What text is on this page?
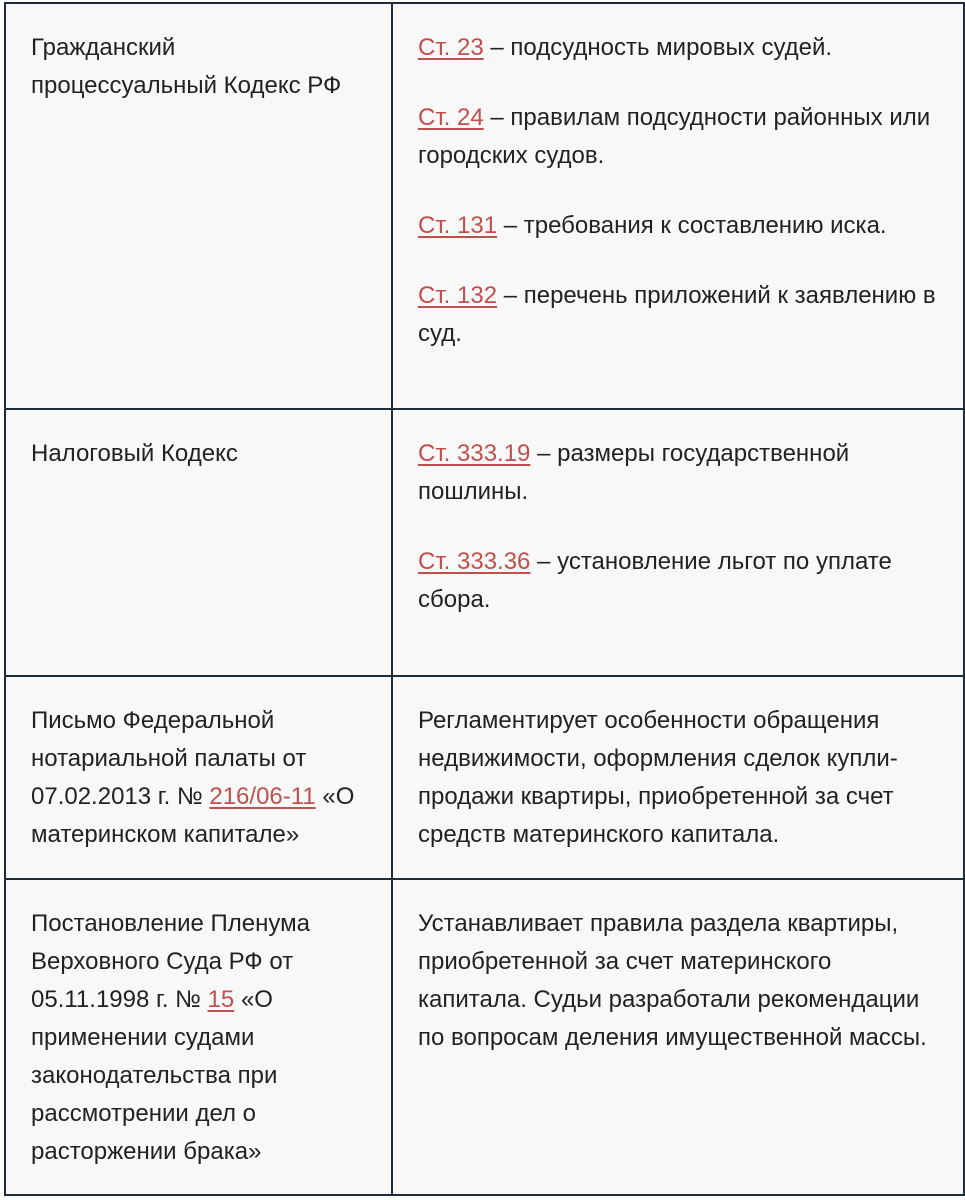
Гражданский процессуальный Кодекс РФ	Ст. 23 – подсудность мировых судей.

Ст. 24 – правилам подсудности районных или городских судов.

Ст. 131 – требования к составлению иска.

Ст. 132 – перечень приложений к заявлению в суд.

Налоговый Кодекс	Ст. 333.19 – размеры государственной пошлины.

Ст. 333.36 – установление льгот по уплате сбора.

Письмо Федеральной нотариальной палаты от 07.02.2013 г. № 216/06-11 «О материнском капитале»	Регламентирует особенности обращения недвижимости, оформления сделок купли-продажи квартиры, приобретенной за счет средств материнского капитала.
Постановление Пленума Верховного Суда РФ от 05.11.1998 г. № 15 «О применении судами законодательства при рассмотрении дел о расторжении брака»	Устанавливает правила раздела квартиры, приобретенной за счет материнского капитала. Судьи разработали рекомендации по вопросам деления имущественной массы.
